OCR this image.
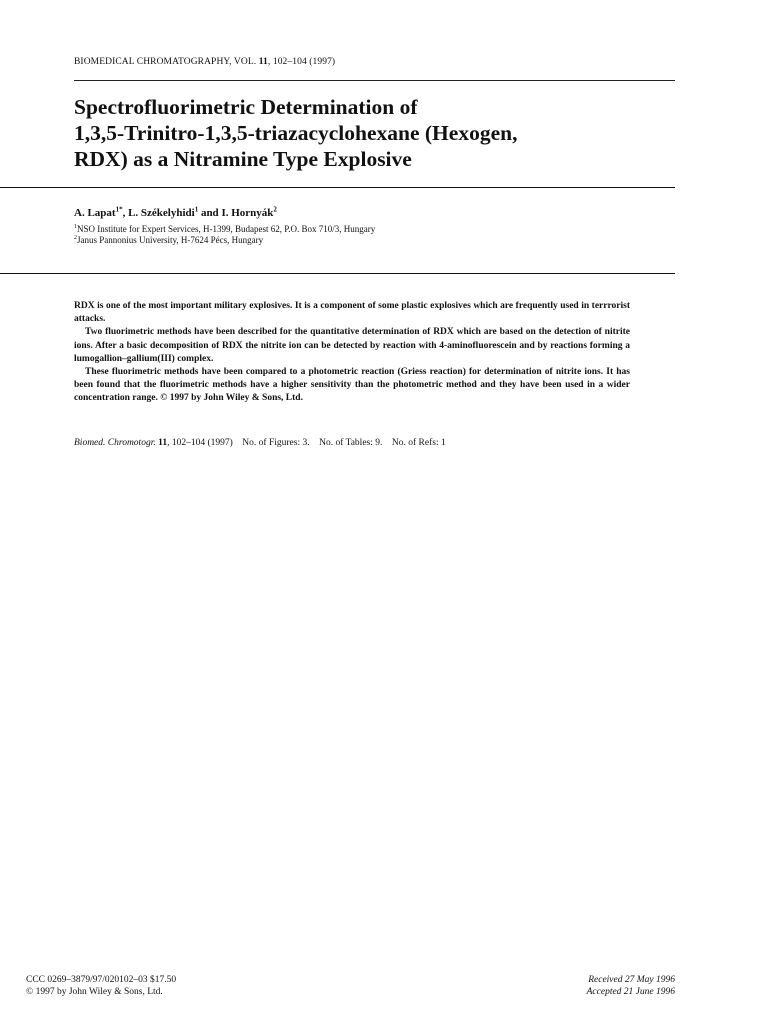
BIOMEDICAL CHROMATOGRAPHY, VOL. 11, 102–104 (1997)
Spectrofluorimetric Determination of
1,3,5-Trinitro-1,3,5-triazacyclohexane (Hexogen,
RDX) as a Nitramine Type Explosive
A. Lapat$^{1*}$, L. Székelyhidi$^1$ and I. Hornyák$^2$
$^1$NSO Institute for Expert Services, H-1399, Budapest 62, P.O. Box 710/3, Hungary
$^2$Janus Pannonius University, H-7624 Pécs, Hungary

RDX is one of the most important military explosives. It is a component of some plastic explosives which are frequently used in terrrorist attacks.

Two fluorimetric methods have been described for the quantitative determination of RDX which are based on the detection of nitrite ions. After a basic decomposition of RDX the nitrite ion can be detected by reaction with 4-aminofluorescein and by reactions forming a lumogallion–gallium(III) complex.

These fluorimetric methods have been compared to a photometric reaction (Griess reaction) for determination of nitrite ions. It has been found that the fluorimetric methods have a higher sensitivity than the photometric method and they have been used in a wider concentration range. © 1997 by John Wiley & Sons, Ltd.

Biomed. Chromotogr. 11, 102–104 (1997) No. of Figures: 3. No. of Tables: 9. No. of Refs: 1
CCC 0269–3879/97/020102–03 $17.50
© 1997 by John Wiley & Sons, Ltd.
Received 27 May 1996
Accepted 21 June 1996
